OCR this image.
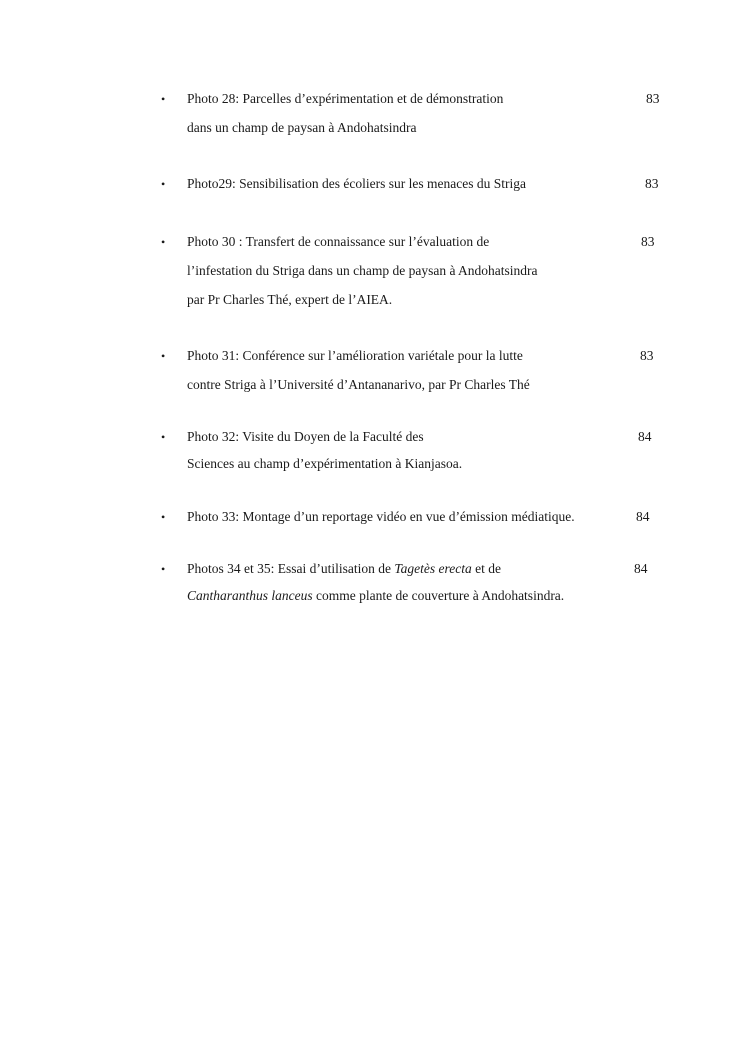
• Photo 28: Parcelles d’expérimentation et de démonstration
dans un champ de paysan à Andohatsindra
83
• Photo29: Sensibilisation des écoliers sur les menaces du Striga	83
• Photo 30 : Transfert de connaissance sur l’évaluation de
l’infestation du Striga dans un champ de paysan à Andohatsindra
par Pr Charles Thé, expert de l’AIEA.
83
• Photo 31: Conférence sur l’amélioration variétale pour la lutte
contre Striga à l’Université d’Antananarivo, par Pr Charles Thé
83
• Photo 32: Visite du Doyen de la Faculté des
Sciences au champ d’expérimentation à Kianjasoa.
84
• Photo 33: Montage d’un reportage vidéo en vue d’émission médiatique.	84
• Photos 34 et 35: Essai d’utilisation de Tagetès erecta et de
Cantharanthus lanceus comme plante de couverture à Andohatsindra.
84
